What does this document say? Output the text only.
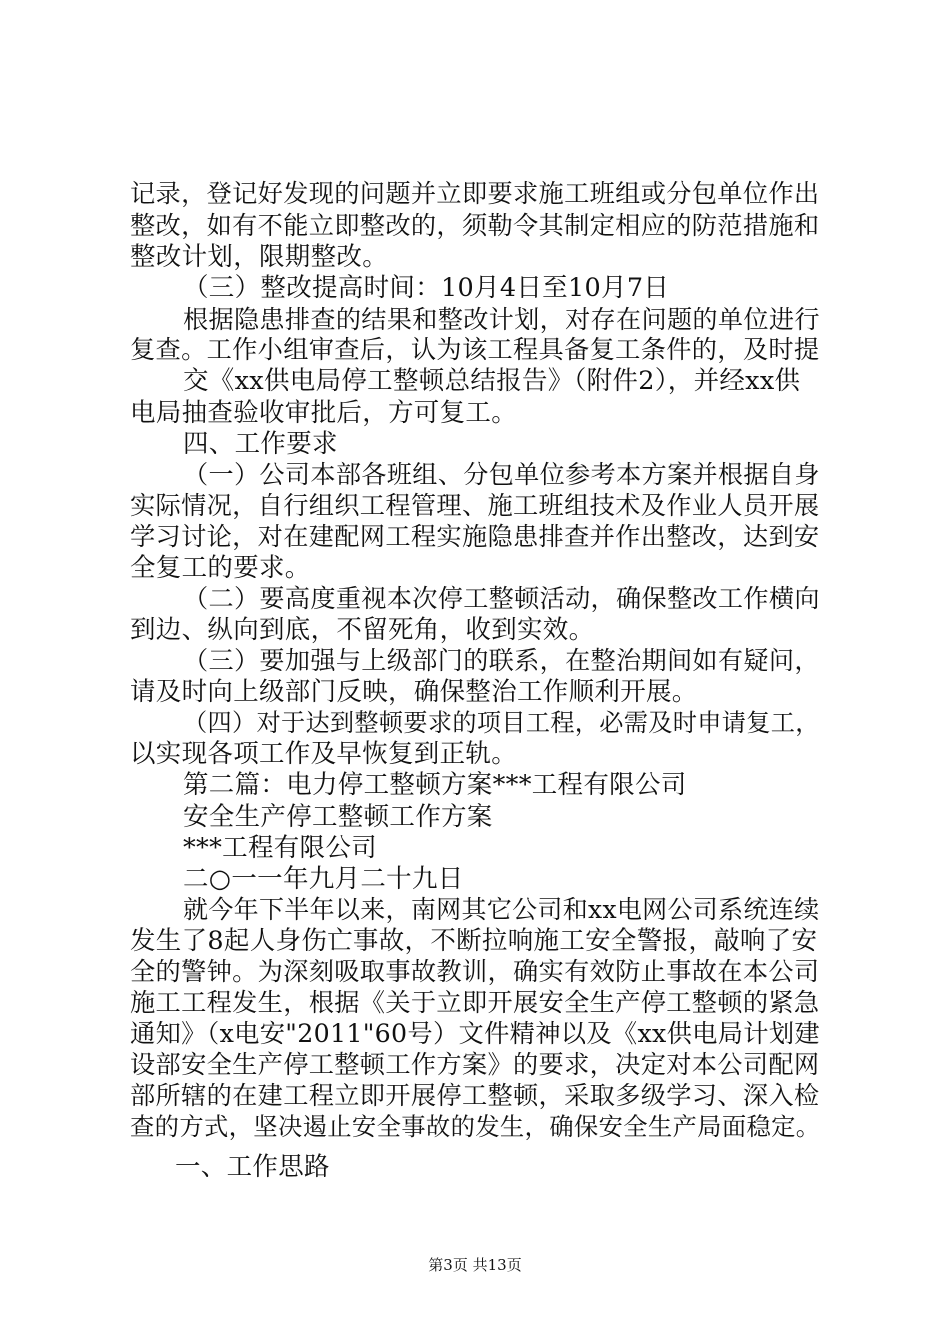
记录，登记好发现的问题并立即要求施工班组或分包单位作出
整改，如有不能立即整改的，须勒令其制定相应的防范措施和
整改计划，限期整改。
（三）整改提高时间：10月4日至10月7日
根据隐患排查的结果和整改计划，对存在问题的单位进行
复查。工作小组审查后，认为该工程具备复工条件的，及时提
交《xx供电局停工整顿总结报告》（附件2），并经xx供
电局抽查验收审批后，方可复工。
四、工作要求
（一）公司本部各班组、分包单位参考本方案并根据自身
实际情况，自行组织工程管理、施工班组技术及作业人员开展
学习讨论，对在建配网工程实施隐患排查并作出整改，达到安
全复工的要求。
（二）要高度重视本次停工整顿活动，确保整改工作横向
到边、纵向到底，不留死角，收到实效。
（三）要加强与上级部门的联系，在整治期间如有疑问，
请及时向上级部门反映，确保整治工作顺利开展。
（四）对于达到整顿要求的项目工程，必需及时申请复工，
以实现各项工作及早恢复到正轨。
第二篇：电力停工整顿方案***工程有限公司
安全生产停工整顿工作方案
***工程有限公司
二○一一年九月二十九日
就今年下半年以来，南网其它公司和xx电网公司系统连续
发生了8起人身伤亡事故，不断拉响施工安全警报，敲响了安
全的警钟。为深刻吸取事故教训，确实有效防止事故在本公司
施工工程发生，根据《关于立即开展安全生产停工整顿的紧急
通知》（x电安"2011"60号）文件精神以及《xx供电局计划建
设部安全生产停工整顿工作方案》的要求，决定对本公司配网
部所辖的在建工程立即开展停工整顿，采取多级学习、深入检
查的方式，坚决遏止安全事故的发生，确保安全生产局面稳定。
一、工作思路
第3页 共13页
